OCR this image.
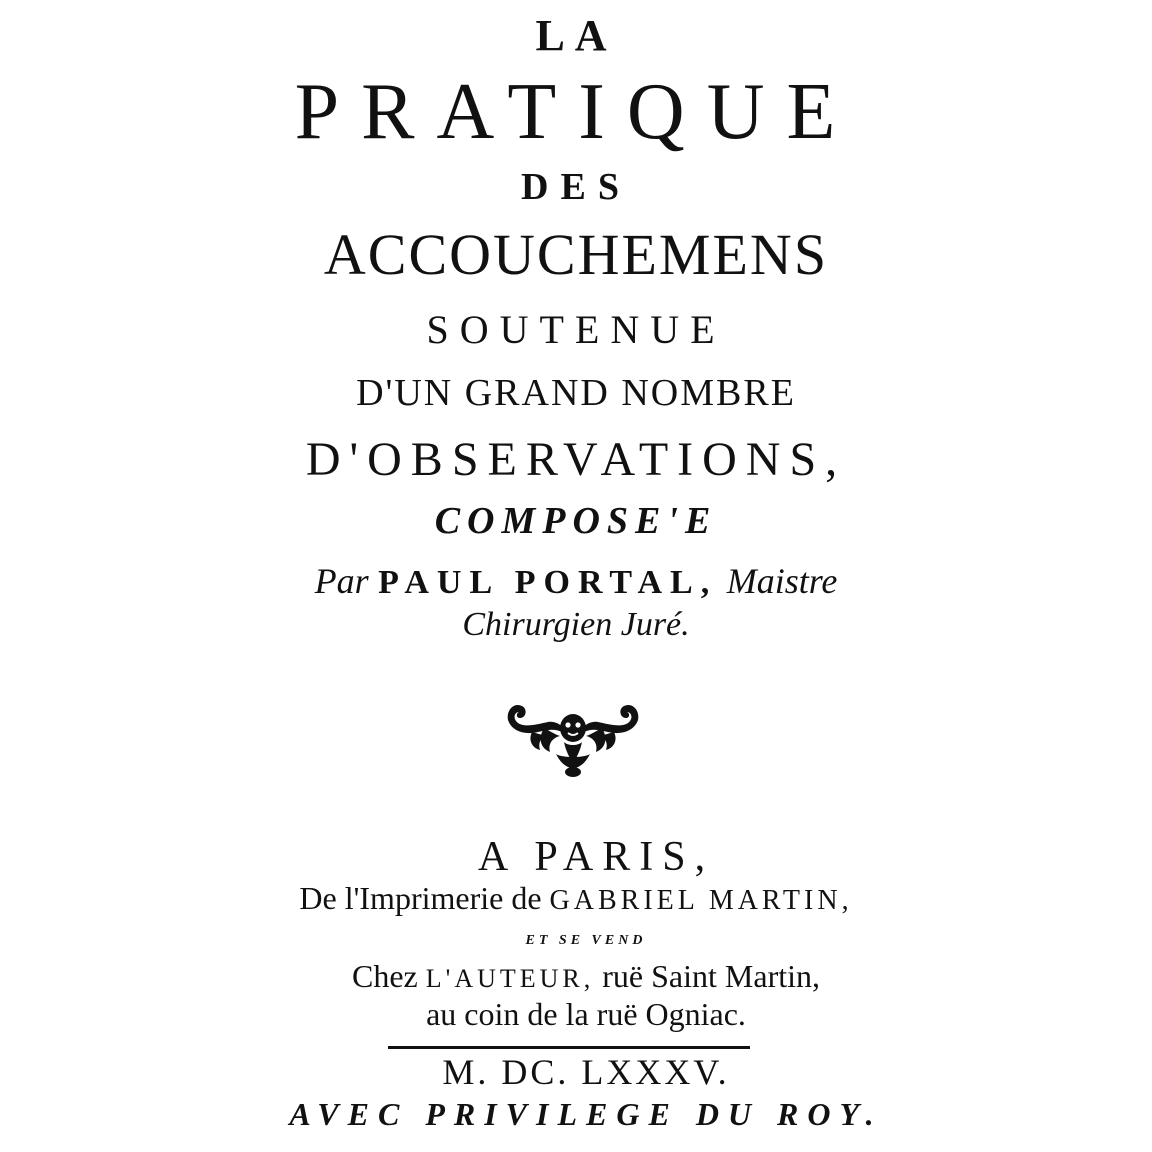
LA
PRATIQUE
DES
ACCOUCHEMENS
SOUTENUE
D'UN GRAND NOMBRE
D'OBSERVATIONS,
COMPOSE'E
Par PAUL PORTAL, Maistre
Chirurgien Juré.
A PARIS,
De l'Imprimerie de GABRIEL MARTIN,
ET SE VEND
Chez L'AUTEUR, ruë Saint Martin,
au coin de la ruë Ogniac.
M. DC. LXXXV.
AVEC PRIVILEGE DU ROY.
